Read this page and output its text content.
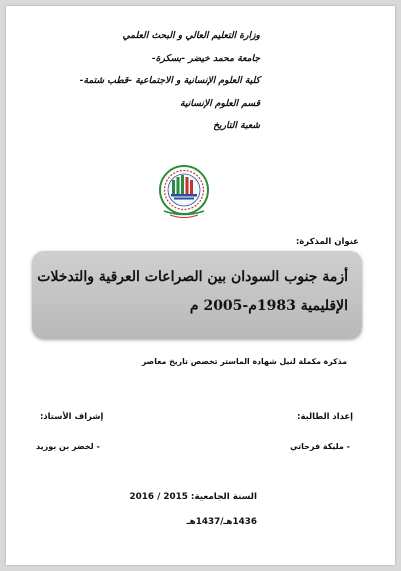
وزارة التعليم العالي و البحث العلمي
جامعة محمد خيضر -بسكرة-
كلية العلوم الإنسانية و الاجتماعية -قطب شتمة-
قسم العلوم الإنسانية
شعبة التاريخ
عنوان المذكرة:
أزمة جنوب السودان بين الصراعات العرقية والتدخلات
الإقليمية 1983م-2005 م
مذكرة مكملة لنيل شهادة الماستر تخصص تاريخ معاصر
إعداد الطالبة:
إشراف الأستاذ:
- مليكة فرحاتي
- لخضر بن بوزيد
السنة الجامعية: 2015 / 2016
1436هـ/1437هـ
